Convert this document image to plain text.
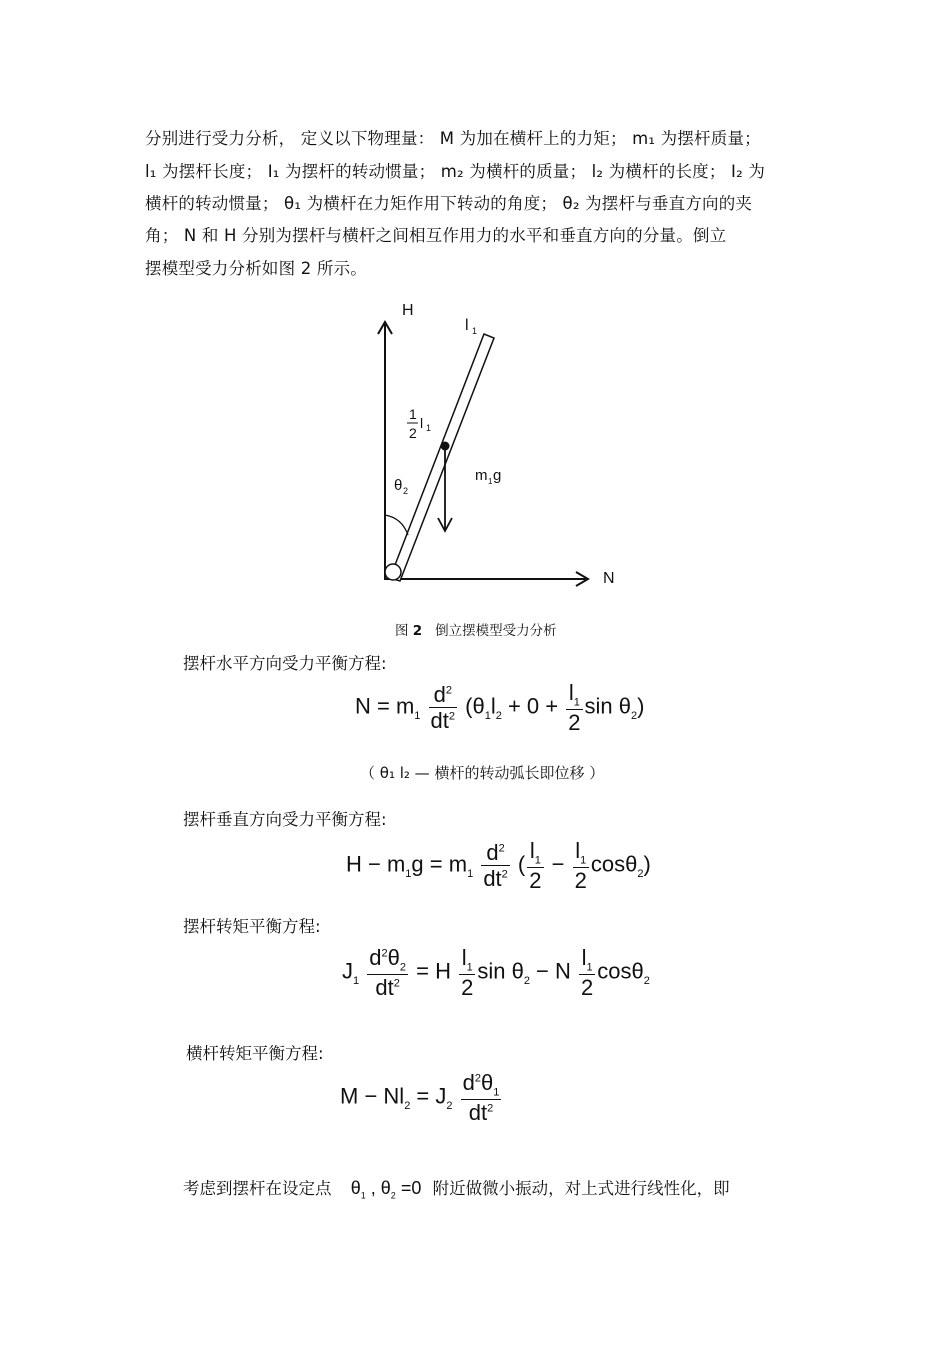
分别进行受力分析， 定义以下物理量： M 为加在横杆上的力矩； m₁ 为摆杆质量；
l₁ 为摆杆长度； I₁ 为摆杆的转动惯量； m₂ 为横杆的质量； l₂ 为横杆的长度； I₂ 为
横杆的转动惯量； θ₁ 为横杆在力矩作用下转动的角度； θ₂ 为摆杆与垂直方向的夹
角； N 和 H 分别为摆杆与横杆之间相互作用力的水平和垂直方向的分量。倒立
摆模型受力分析如图 2 所示。
H
N
l 1
1
2
l 1
θ 2
m 1 g
图 2 倒立摆模型受力分析
摆杆水平方向受力平衡方程:
$N = m_1 \frac{d^2}{dt^2} (\theta_1l_2 + 0 + \frac{l_1}{2}$ $\sin \theta_2$)
（ θ₁ l₂ — 横杆的转动弧长即位移 ）
摆杆垂直方向受力平衡方程:
$H - m_1g = m_1 \frac{d^2}{dt^2}$ ( $\frac{l_1}{2} - \frac{l_1}{2} \cos\theta_2$)
摆杆转矩平衡方程:
$J_1 \frac{d^2\theta_2}{dt^2} = H \frac{l_1}{2}$ $\sin \theta_2 - N \frac{l_1}{2} \cos\theta_2$
横杆转矩平衡方程:
$M - Nl_2 = J_2 \frac{d^2\theta_1}{dt^2}$
考虑到摆杆在设定点 $\theta_1$ , $\theta_2 =0$ 附近做微小振动，对上式进行线性化，即
